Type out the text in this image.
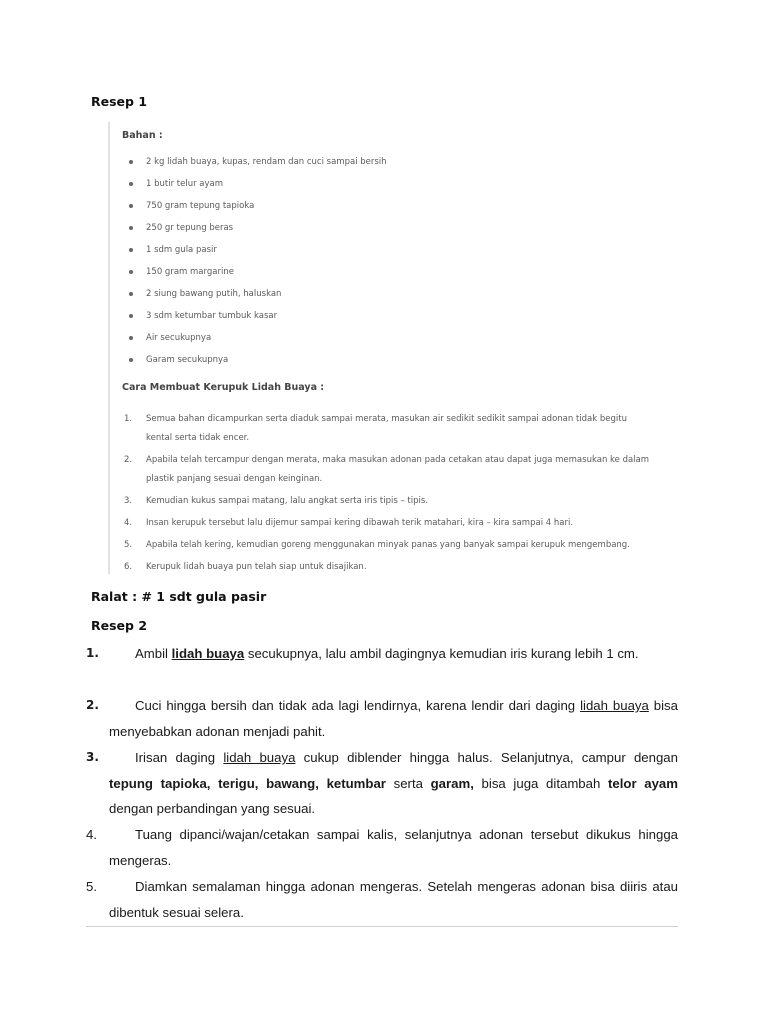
Resep 1
Bahan :
2 kg lidah buaya, kupas, rendam dan cuci sampai bersih
1 butir telur ayam
750 gram tepung tapioka
250 gr tepung beras
1 sdm gula pasir
150 gram margarine
2 siung bawang putih, haluskan
3 sdm ketumbar tumbuk kasar
Air secukupnya
Garam secukupnya
Cara Membuat Kerupuk Lidah Buaya :
1. Semua bahan dicampurkan serta diaduk sampai merata, masukan air sedikit sedikit sampai adonan tidak begitu kental serta tidak encer.
2. Apabila telah tercampur dengan merata, maka masukan adonan pada cetakan atau dapat juga memasukan ke dalam plastik panjang sesuai dengan keinginan.
3. Kemudian kukus sampai matang, lalu angkat serta iris tipis – tipis.
4. Insan kerupuk tersebut lalu dijemur sampai kering dibawah terik matahari, kira – kira sampai 4 hari.
5. Apabila telah kering, kemudian goreng menggunakan minyak panas yang banyak sampai kerupuk mengembang.
6. Kerupuk lidah buaya pun telah siap untuk disajikan.
Ralat : # 1 sdt gula pasir
Resep 2
1.	Ambil lidah buaya secukupnya, lalu ambil dagingnya kemudian iris kurang lebih 1 cm.
2.	Cuci hingga bersih dan tidak ada lagi lendirnya, karena lendir dari daging lidah buaya bisa menyebabkan adonan menjadi pahit.
3.	Irisan daging lidah buaya cukup diblender hingga halus. Selanjutnya, campur dengan tepung tapioka, terigu, bawang, ketumbar serta garam, bisa juga ditambah telor ayam dengan perbandingan yang sesuai.
4.	Tuang dipanci/wajan/cetakan sampai kalis, selanjutnya adonan tersebut dikukus hingga mengeras.
5.	Diamkan semalaman hingga adonan mengeras. Setelah mengeras adonan bisa diiris atau dibentuk sesuai selera.
